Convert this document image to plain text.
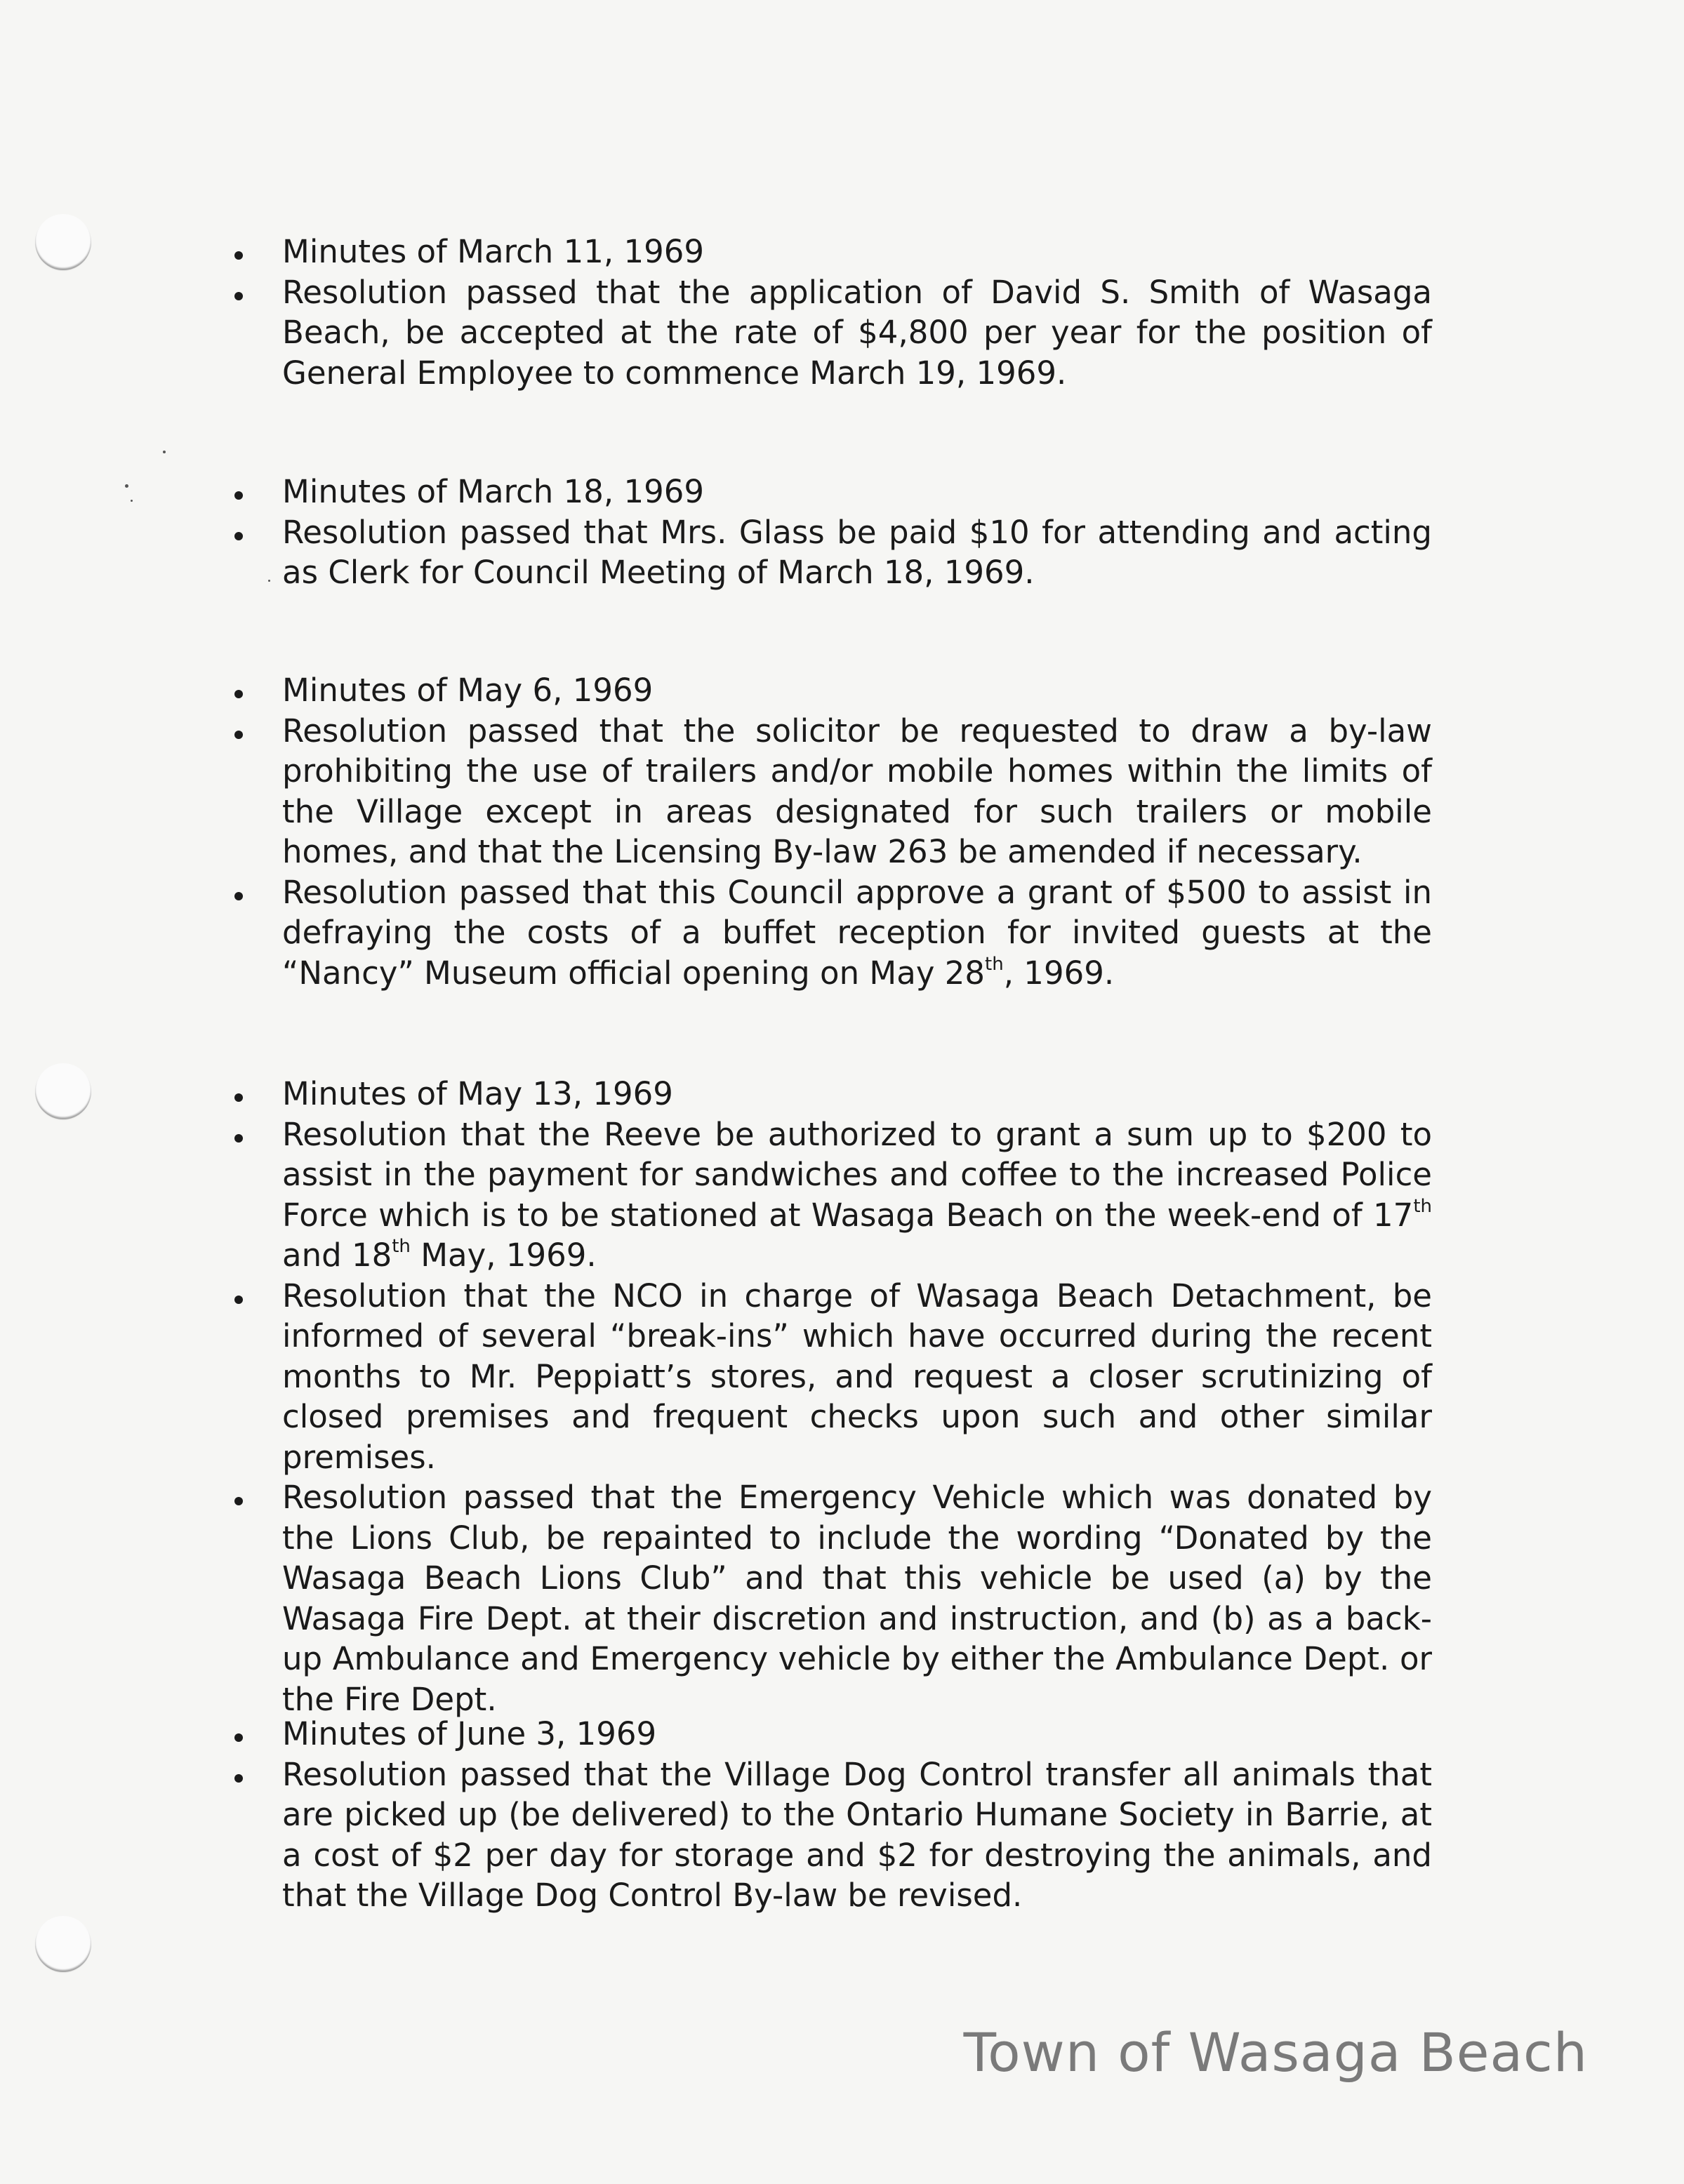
Minutes of March 11, 1969
Resolution passed that the application of David S. Smith of Wasaga Beach, be accepted at the rate of $4,800 per year for the position of General Employee to commence March 19, 1969.
Minutes of March 18, 1969
Resolution passed that Mrs. Glass be paid $10 for attending and acting as Clerk for Council Meeting of March 18, 1969.
Minutes of May 6, 1969
Resolution passed that the solicitor be requested to draw a by-law prohibiting the use of trailers and/or mobile homes within the limits of the Village except in areas designated for such trailers or mobile homes, and that the Licensing By-law 263 be amended if necessary.
Resolution passed that this Council approve a grant of $500 to assist in defraying the costs of a buffet reception for invited guests at the “Nancy” Museum official opening on May 28th, 1969.
Minutes of May 13, 1969
Resolution that the Reeve be authorized to grant a sum up to $200 to assist in the payment for sandwiches and coffee to the increased Police Force which is to be stationed at Wasaga Beach on the week-end of 17th and 18th May, 1969.
Resolution that the NCO in charge of Wasaga Beach Detachment, be informed of several “break-ins” which have occurred during the recent months to Mr. Peppiatt’s stores, and request a closer scrutinizing of closed premises and frequent checks upon such and other similar premises.
Resolution passed that the Emergency Vehicle which was donated by the Lions Club, be repainted to include the wording “Donated by the Wasaga Beach Lions Club” and that this vehicle be used (a) by the Wasaga Fire Dept. at their discretion and instruction, and (b) as a back-up Ambulance and Emergency vehicle by either the Ambulance Dept. or the Fire Dept.
Minutes of June 3, 1969
Resolution passed that the Village Dog Control transfer all animals that are picked up (be delivered) to the Ontario Humane Society in Barrie, at a cost of $2 per day for storage and $2 for destroying the animals, and that the Village Dog Control By-law be revised.
Town of Wasaga Beach
